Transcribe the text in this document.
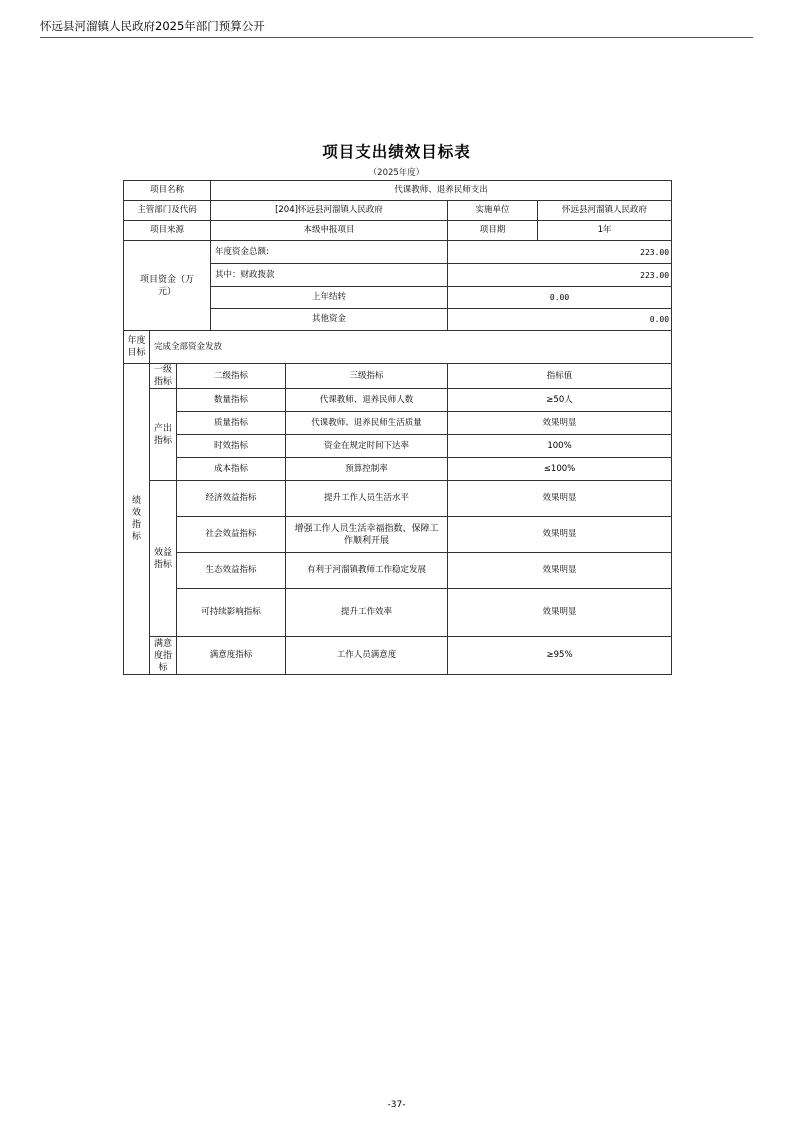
怀远县河溜镇人民政府2025年部门预算公开
项目支出绩效目标表
（2025年度）
项目名称			代课教师、退养民师支出			
主管部门及代码			[204]怀远县河溜镇人民政府		实施单位	怀远县河溜镇人民政府
项目来源			本级申报项目		项目期	1年

项目资金（万元）			年度资金总额:		223.00	
			其中：财政拨款		223.00	
			上年结转		0.00	
			其他资金		0.00	

年度目标	完成全部资金发放					

绩效指标	一级指标	二级指标		三级指标	指标值	

	产出指标	数量指标		代课教师、退养民师人数	≥50人	
		质量指标		代课教师、退养民师生活质量	效果明显	
		时效指标		资金在规定时间下达率	100%	
		成本指标		预算控制率	≤100%	

	效益指标	经济效益指标		提升工作人员生活水平	效果明显	
		社会效益指标		增强工作人员生活幸福指数、保障工作顺利开展	效果明显	
		生态效益指标		有利于河溜镇教师工作稳定发展	效果明显	
		可持续影响指标		提升工作效率	效果明显	

	满意度指标	满意度指标		工作人员满意度	≥95%	
-37-
